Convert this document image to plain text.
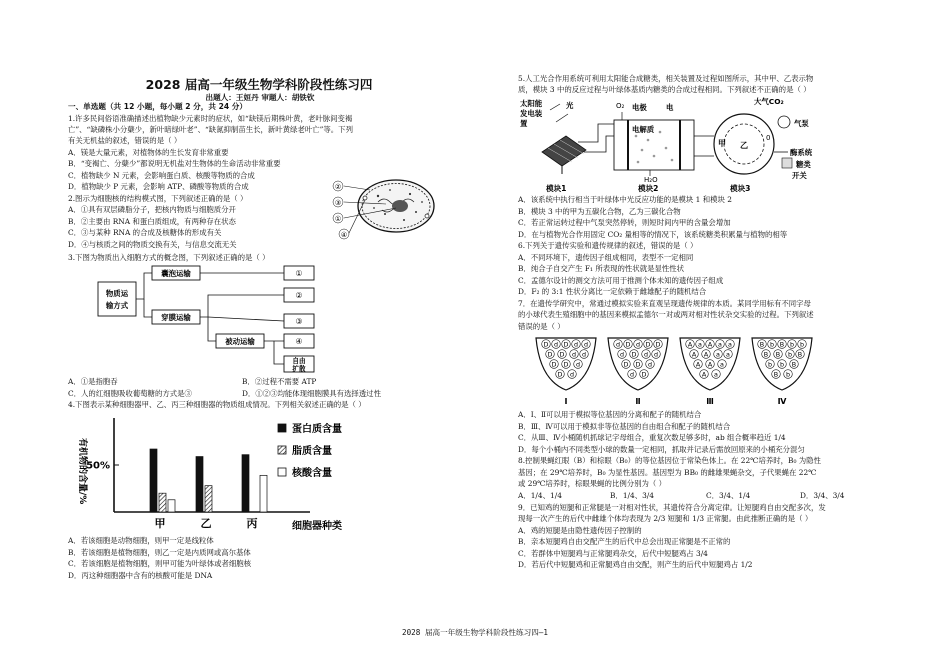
2028 届高一年级生物学科阶段性练习四
出题人：王姮丹 审题人：胡铁钦
一、单选题（共 12 小题，每小题 2 分，共 24 分）
1.许多民间俗语准确描述出植物缺少元素时的症状，如“缺镁后期株叶黄，老叶脉间变褐
亡”、“缺磷株小分蘖少，新叶暗绿叶老”、“缺氮抑制苗生长，新叶黄绿老叶亡”等。下列
有关无机盐的叙述，错误的是（ ）
A．镁是大量元素，对植物体的生长发育非常重要
B．“变褐亡、分蘖少”都说明无机盐对生物体的生命活动非常重要
C．植物缺少 N 元素，会影响蛋白质、核酸等物质的合成
D．植物缺少 P 元素，会影响 ATP、磷酸等物质的合成
2.图示为细胞核的结构模式图，下列叙述正确的是（ ）
A．①具有双层磷脂分子，把核内物质与细胞质分开
B．②主要由 RNA 和蛋白质组成，有两种存在状态
C．③与某种 RNA 的合成及核糖体的形成有关
D．④与核质之间的物质交换有关，与信息交流无关
3.下图为物质出入细胞方式的概念图，下列叙述正确的是（ ）
A．①是指胞吞	B．②过程不需要 ATP
C．人的红细胞吸收葡萄糖的方式是③	D．①②③均能体现细胞膜具有选择透过性
4.下图表示某种细胞器甲、乙、丙三种细胞器的物质组成情况。下列相关叙述正确的是（ ）
A．若该细胞是动物细胞，则甲一定是线粒体
B．若该细胞是植物细胞，则乙一定是内质网或高尔基体
C．若该细胞是植物细胞，则甲可能为叶绿体或者细胞核
D．丙这种细胞器中含有的核酸可能是 DNA
②
③
①
④
物质运
输方式
囊泡运输
穿膜运输
被动运输
①
②
③
④
自由
扩散
有机物的含量/% 50%
甲	乙	丙	细胞器种类
蛋白质含量
脂质含量
核酸含量
5.人工光合作用系统可利用太阳能合成糖类，相关装置及过程如图所示，其中甲、乙表示物
质，模块 3 中的反应过程与叶绿体基质内糖类的合成过程相同。下列叙述不正确的是（ ）
A．该系统中执行相当于叶绿体中光反应功能的是模块 1 和模块 2
B．模块 3 中的甲为五碳化合物，乙为三碳化合物
C．若正常运转过程中气泵突然停转，则短时间内甲的含量会增加
D．在与植物光合作用固定 CO₂ 量相等的情况下，该系统糖类积累量与植物的相等
6.下列关于遗传实验和遗传规律的叙述，错误的是（ ）
A．不同环境下，遗传因子组成相同，表型不一定相同
B．纯合子自交产生 F₁ 所表现的性状就是显性性状
C．孟德尔设计的测交方法可用于推测个体未知的遗传因子组成
D．F₂ 的 3:1 性状分离比一定依赖于雌雄配子的随机结合
7．在遗传学研究中，常通过模拟实验来直观呈现遗传规律的本质。某同学用标有不同字母
的小球代表生殖细胞中的基因来模拟孟德尔一对或两对相对性状杂交实验的过程。下列叙述
错误的是（ ）
A．Ⅰ、Ⅱ可以用于模拟等位基因的分离和配子的随机结合
B．Ⅲ、Ⅳ可以用于模拟非等位基因的自由组合和配子的随机结合
C．从Ⅲ、Ⅳ小桶随机抓球记字母组合，重复次数足够多时，ab 组合概率趋近 1/4
D．每个小桶内不同类型小球的数量一定相同，抓取并记录后需放回原来的小桶充分混匀
8.控制果蝇红眼（B）和棕眼（B₀）的等位基因位于常染色体上。在 22℃培养时，B₀ 为隐性
基因；在 29℃培养时，B₀ 为显性基因。基因型为 BB₀ 的雌雄果蝇杂交，子代果蝇在 22℃
或 29℃培养时，棕眼果蝇的比例分别为（ ）
A．1/4、1/4	B．1/4、3/4	C．3/4、1/4	D．3/4、3/4
9．已知鸡的短腿和正常腿是一对相对性状，其遗传符合分离定律。让短腿鸡自由交配多次，发
现每一次产生的后代中雌雄个体均表现为 2/3 短腿和 1/3 正常腿。由此推断正确的是（ ）
A．鸡的短腿是由隐性遗传因子控制的
B．亲本短腿鸡自由交配产生的后代中总会出现正常腿是不正常的
C．若群体中短腿鸡与正常腿鸡杂交，后代中短腿鸡占 3/4
D．若后代中短腿鸡和正常腿鸡自由交配，则产生的后代中短腿鸡占 1/2
太阳能
发电装
置
光	O₂ 电极
电解质
电
H₂O
大气CO₂
甲 乙
0
气泵
酶系统
糖类
开关
模块1	模块2	模块3
D d D d d
D D d d
D D d
D d
Ⅰ
d D d D D
d D d d
D D d
d D
Ⅱ
A a A a a
A A a a
A A a
A a
Ⅲ
B b B b b
B B b B
b b B
B b
Ⅳ
2028 届高一年级生物学科阶段性练习四—1
